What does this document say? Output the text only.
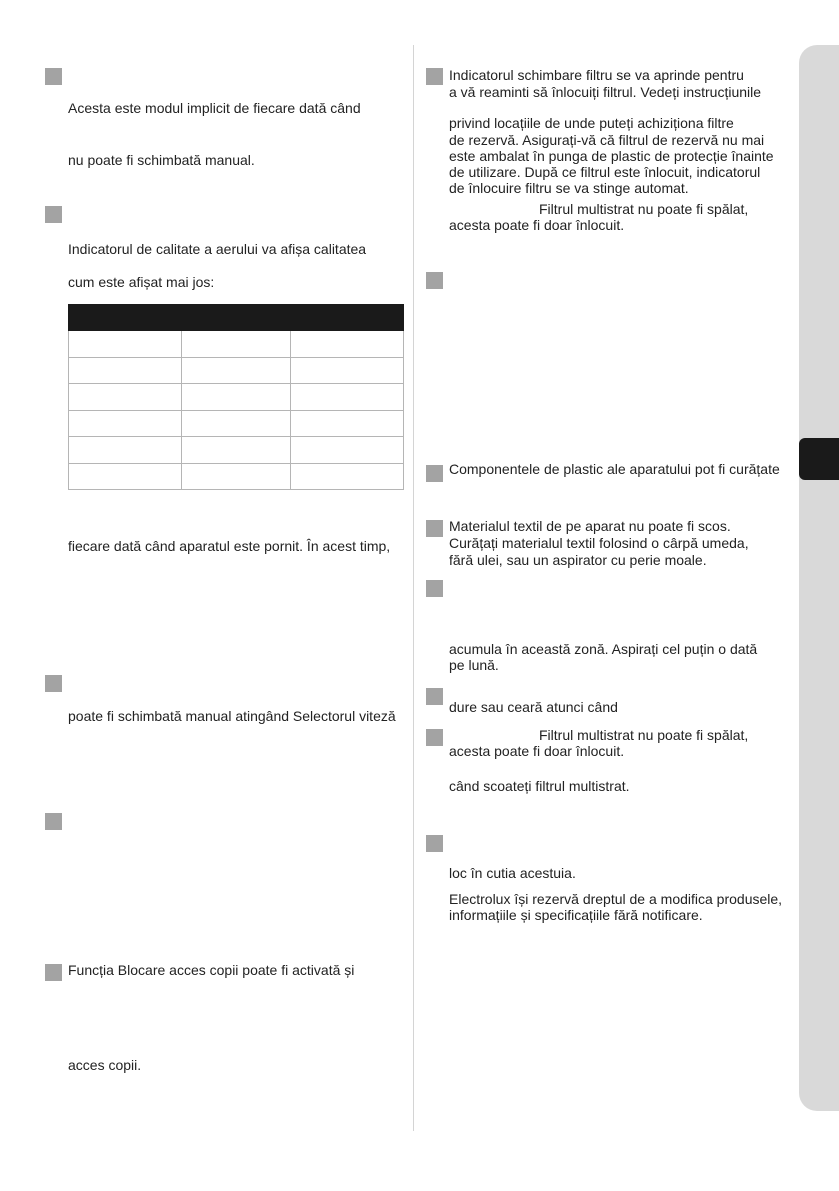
Acesta este modul implicit de fiecare dată când
nu poate fi schimbată manual.
Indicatorul de calitate a aerului va afișa calitatea
cum este afișat mai jos:

fiecare dată când aparatul este pornit. În acest timp,
poate fi schimbată manual atingând Selectorul viteză
Funcția Blocare acces copii poate fi activată și
acces copii.
Indicatorul schimbare filtru se va aprinde pentru
a vă reaminti să înlocuiți filtrul. Vedeți instrucțiunile
privind locațiile de unde puteți achiziționa filtre
de rezervă. Asigurați-vă că filtrul de rezervă nu mai
este ambalat în punga de plastic de protecție înainte
de utilizare. După ce filtrul este înlocuit, indicatorul
de înlocuire filtru se va stinge automat.
Filtrul multistrat nu poate fi spălat,
acesta poate fi doar înlocuit.
Componentele de plastic ale aparatului pot fi curățate
Materialul textil de pe aparat nu poate fi scos.
Curățați materialul textil folosind o cârpă umeda,
fără ulei, sau un aspirator cu perie moale.
acumula în această zonă. Aspirați cel puțin o dată
pe lună.
dure sau ceară atunci când
Filtrul multistrat nu poate fi spălat,
acesta poate fi doar înlocuit.
când scoateți filtrul multistrat.
loc în cutia acestuia.
Electrolux își rezervă dreptul de a modifica produsele,
informațiile și specificațiile fără notificare.
